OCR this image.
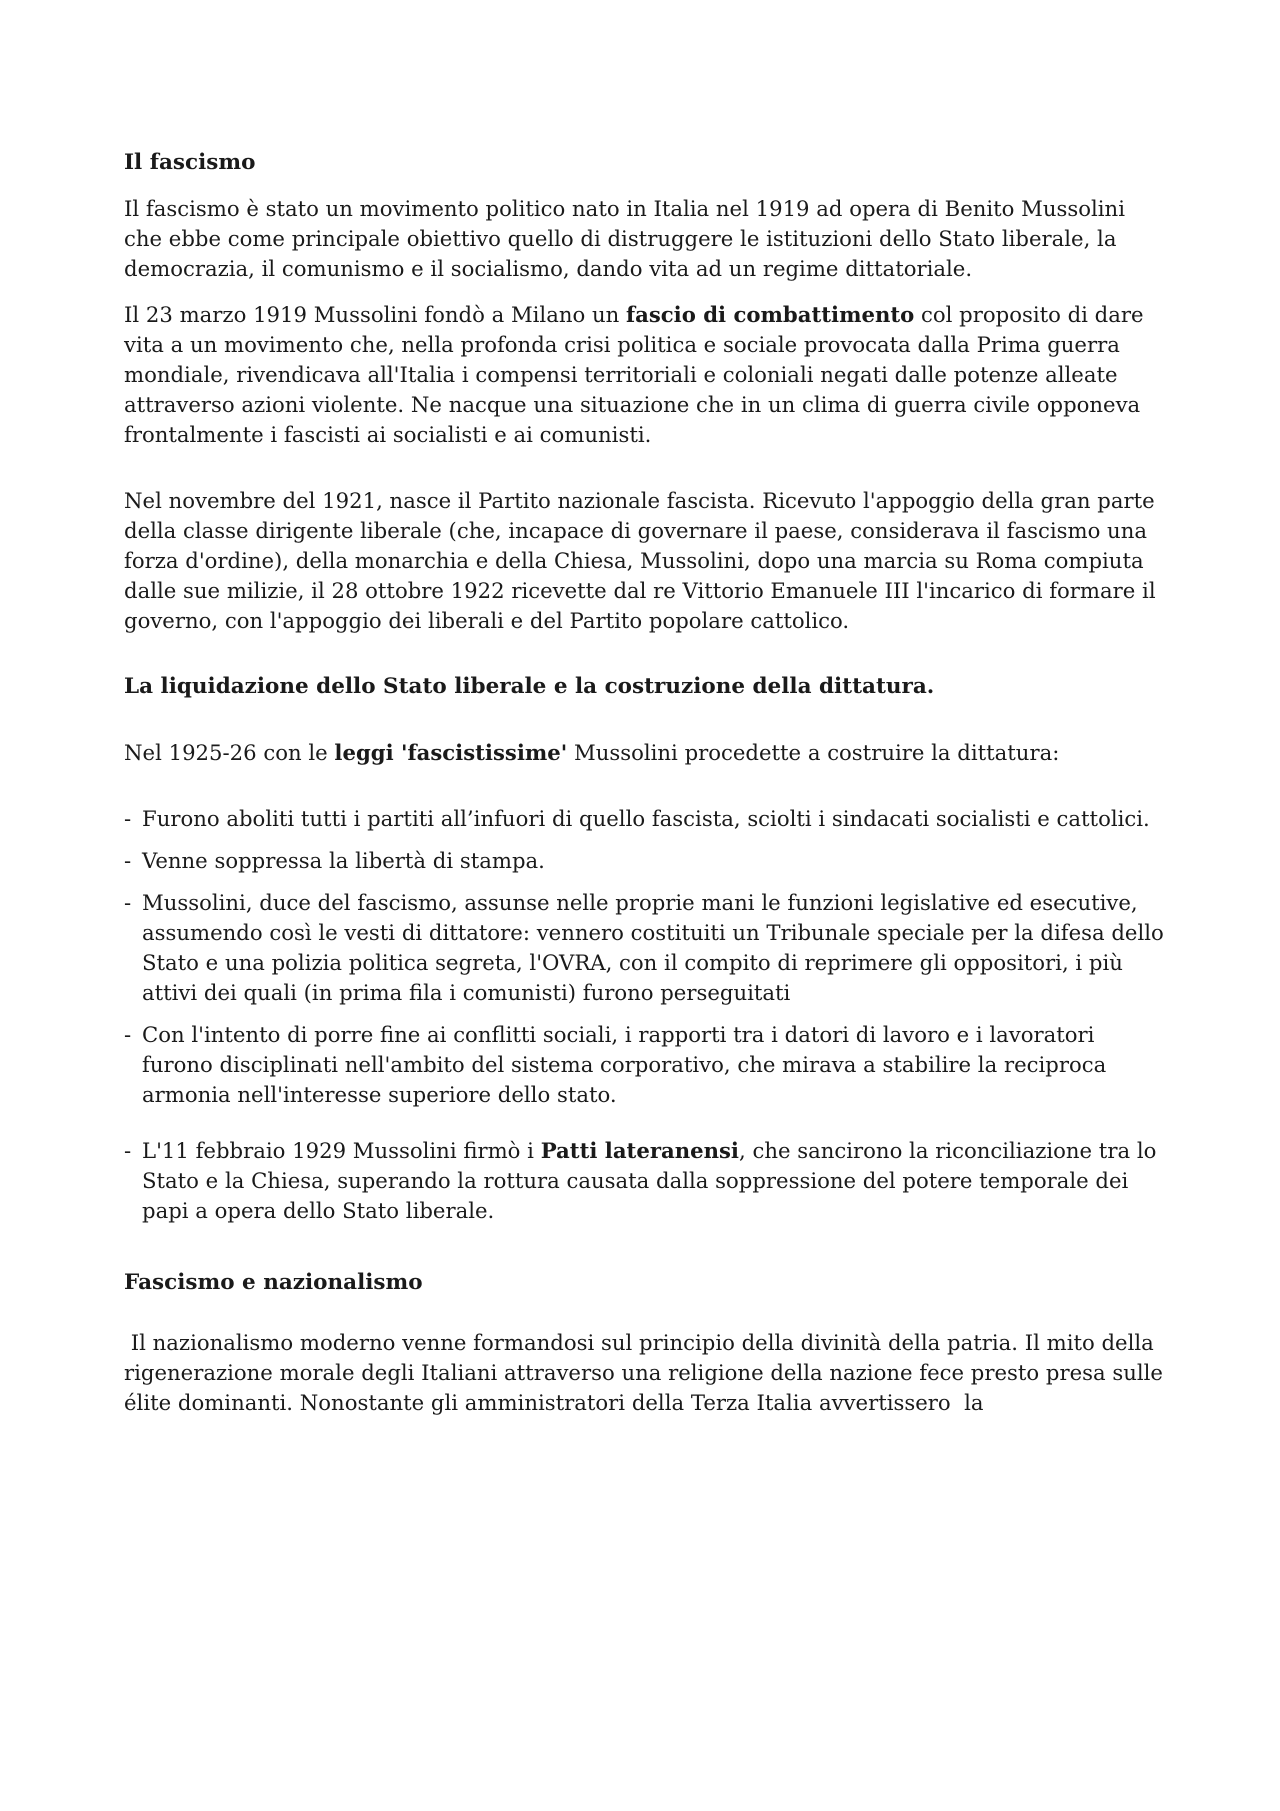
Il fascismo

Il fascismo è stato un movimento politico nato in Italia nel 1919 ad opera di Benito Mussolini che ebbe come principale obiettivo quello di distruggere le istituzioni dello Stato liberale, la democrazia, il comunismo e il socialismo, dando vita ad un regime dittatoriale.

Il 23 marzo 1919 Mussolini fondò a Milano un fascio di combattimento col proposito di dare vita a un movimento che, nella profonda crisi politica e sociale provocata dalla Prima guerra mondiale, rivendicava all'Italia i compensi territoriali e coloniali negati dalle potenze alleate attraverso azioni violente. Ne nacque una situazione che in un clima di guerra civile opponeva frontalmente i fascisti ai socialisti e ai comunisti.

Nel novembre del 1921, nasce il Partito nazionale fascista. Ricevuto l'appoggio della gran parte della classe dirigente liberale (che, incapace di governare il paese, considerava il fascismo una forza d'ordine), della monarchia e della Chiesa, Mussolini, dopo una marcia su Roma compiuta dalle sue milizie, il 28 ottobre 1922 ricevette dal re Vittorio Emanuele III l'incarico di formare il governo, con l'appoggio dei liberali e del Partito popolare cattolico.

La liquidazione dello Stato liberale e la costruzione della dittatura.

Nel 1925-26 con le leggi 'fascistissime' Mussolini procedette a costruire la dittatura:

- Furono aboliti tutti i partiti all’infuori di quello fascista, sciolti i sindacati socialisti e cattolici.
- Venne soppressa la libertà di stampa.
- Mussolini, duce del fascismo, assunse nelle proprie mani le funzioni legislative ed esecutive, assumendo così le vesti di dittatore: vennero costituiti un Tribunale speciale per la difesa dello Stato e una polizia politica segreta, l'OVRA, con il compito di reprimere gli oppositori, i più attivi dei quali (in prima fila i comunisti) furono perseguitati
- Con l'intento di porre fine ai conflitti sociali, i rapporti tra i datori di lavoro e i lavoratori furono disciplinati nell'ambito del sistema corporativo, che mirava a stabilire la reciproca armonia nell'interesse superiore dello stato.
- L'11 febbraio 1929 Mussolini firmò i Patti lateranensi, che sancirono la riconciliazione tra lo Stato e la Chiesa, superando la rottura causata dalla soppressione del potere temporale dei papi a opera dello Stato liberale.
Fascismo e nazionalismo

Il nazionalismo moderno venne formandosi sul principio della divinità della patria. Il mito della rigenerazione morale degli Italiani attraverso una religione della nazione fece presto presa sulle élite dominanti. Nonostante gli amministratori della Terza Italia avvertissero  la
